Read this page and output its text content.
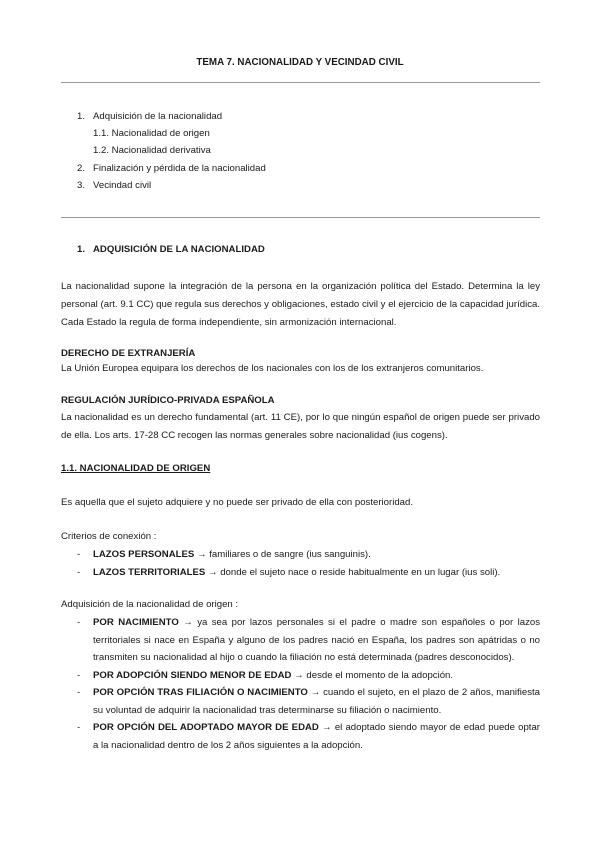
TEMA 7. NACIONALIDAD Y VECINDAD CIVIL
1. Adquisición de la nacionalidad
1.1. Nacionalidad de origen
1.2. Nacionalidad derivativa
2. Finalización y pérdida de la nacionalidad
3. Vecindad civil
1. ADQUISICIÓN DE LA NACIONALIDAD
La nacionalidad supone la integración de la persona en la organización política del Estado. Determina la ley personal (art. 9.1 CC) que regula sus derechos y obligaciones, estado civil y el ejercicio de la capacidad jurídica. Cada Estado la regula de forma independiente, sin armonización internacional.
DERECHO DE EXTRANJERÍA
La Unión Europea equipara los derechos de los nacionales con los de los extranjeros comunitarios.
REGULACIÓN JURÍDICO-PRIVADA ESPAÑOLA
La nacionalidad es un derecho fundamental (art. 11 CE), por lo que ningún español de origen puede ser privado de ella. Los arts. 17-28 CC recogen las normas generales sobre nacionalidad (ius cogens).
1.1. NACIONALIDAD DE ORIGEN
Es aquella que el sujeto adquiere y no puede ser privado de ella con posterioridad.
Criterios de conexión :
- LAZOS PERSONALES → familiares o de sangre (ius sanguinis).
- LAZOS TERRITORIALES → donde el sujeto nace o reside habitualmente en un lugar (ius soli).
Adquisición de la nacionalidad de origen :
- POR NACIMIENTO → ya sea por lazos personales si el padre o madre son españoles o por lazos territoriales si nace en España y alguno de los padres nació en España, los padres son apátridas o no transmiten su nacionalidad al hijo o cuando la filiación no está determinada (padres desconocidos).
- POR ADOPCIÓN SIENDO MENOR DE EDAD → desde el momento de la adopción.
- POR OPCIÓN TRAS FILIACIÓN O NACIMIENTO → cuando el sujeto, en el plazo de 2 años, manifiesta su voluntad de adquirir la nacionalidad tras determinarse su filiación o nacimiento.
- POR OPCIÓN DEL ADOPTADO MAYOR DE EDAD → el adoptado siendo mayor de edad puede optar a la nacionalidad dentro de los 2 años siguientes a la adopción.
